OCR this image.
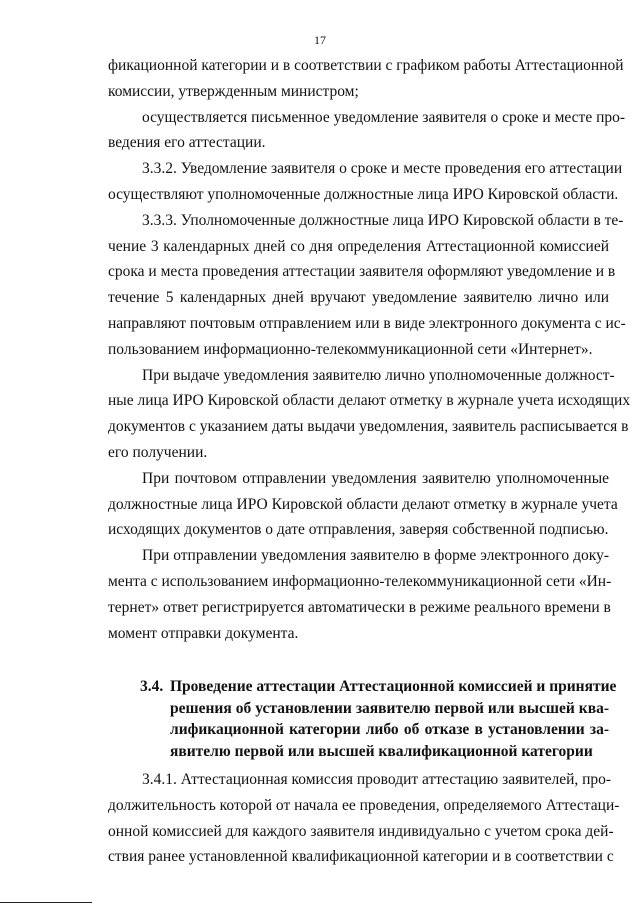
17
фикационной категории и в соответствии с графиком работы Аттестационной
комиссии, утвержденным министром;
осуществляется письменное уведомление заявителя о сроке и месте про-
ведения его аттестации.
3.3.2. Уведомление заявителя о сроке и месте проведения его аттестации
осуществляют уполномоченные должностные лица ИРО Кировской области.
3.3.3. Уполномоченные должностные лица ИРО Кировской области в те-
чение 3 календарных дней со дня определения Аттестационной комиссией
срока и места проведения аттестации заявителя оформляют уведомление и в
течение 5 календарных дней вручают уведомление заявителю лично или
направляют почтовым отправлением или в виде электронного документа с ис-
пользованием информационно-телекоммуникационной сети «Интернет».
При выдаче уведомления заявителю лично уполномоченные должност-
ные лица ИРО Кировской области делают отметку в журнале учета исходящих
документов с указанием даты выдачи уведомления, заявитель расписывается в
его получении.
При почтовом отправлении уведомления заявителю уполномоченные
должностные лица ИРО Кировской области делают отметку в журнале учета
исходящих документов о дате отправления, заверяя собственной подписью.
При отправлении уведомления заявителю в форме электронного доку-
мента с использованием информационно-телекоммуникационной сети «Ин-
тернет» ответ регистрируется автоматически в режиме реального времени в
момент отправки документа.
3.4. Проведение аттестации Аттестационной комиссией и принятие
решения об установлении заявителю первой или высшей ква-
лификационной категории либо об отказе в установлении за-
явителю первой или высшей квалификационной категории
3.4.1. Аттестационная комиссия проводит аттестацию заявителей, про-
должительность которой от начала ее проведения, определяемого Аттестаци-
онной комиссией для каждого заявителя индивидуально с учетом срока дей-
ствия ранее установленной квалификационной категории и в соответствии с
